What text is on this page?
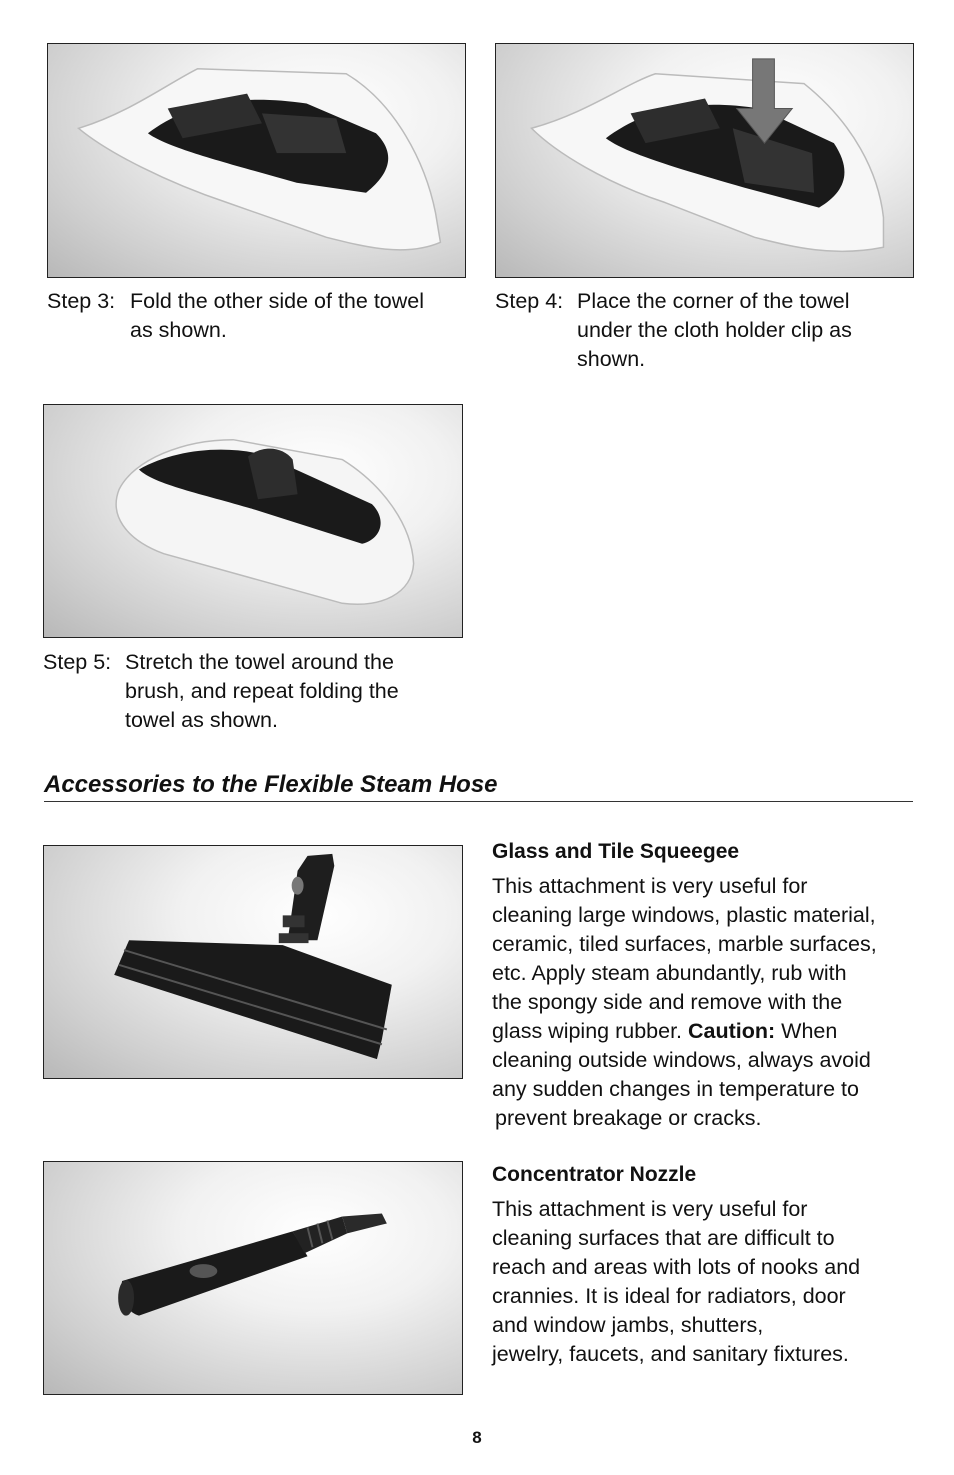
Step 3: Fold the other side of the towel
as shown.
Step 4: Place the corner of the towel
under the cloth holder clip as
shown.
Step 5: Stretch the towel around the
brush, and repeat folding the
towel as shown.
Accessories to the Flexible Steam Hose
Glass and Tile Squeegee
This attachment is very useful for
cleaning large windows, plastic material,
ceramic, tiled surfaces, marble surfaces,
etc. Apply steam abundantly, rub with
the spongy side and remove with the
glass wiping rubber. Caution: When
cleaning outside windows, always avoid
any sudden changes in temperature to
prevent breakage or cracks.
Concentrator Nozzle
This attachment is very useful for
cleaning surfaces that are difficult to
reach and areas with lots of nooks and
crannies. It is ideal for radiators, door
and window jambs, shutters,
jewelry, faucets, and sanitary fixtures.
8
